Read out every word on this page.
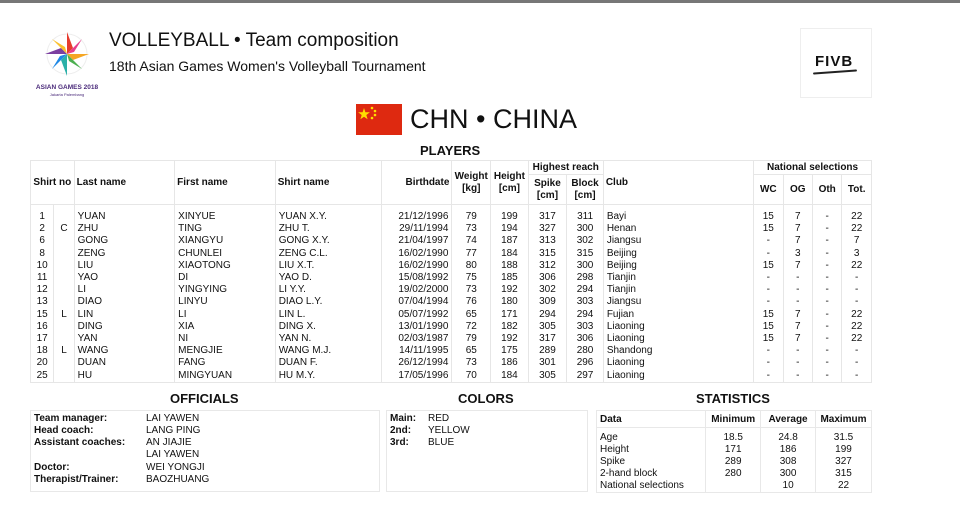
ASIAN GAMES 2018
Jakarta Palembang
VOLLEYBALL • Team composition
18th Asian Games Women's Volleyball Tournament	FIVB
CHN • CHINA
PLAYERS
Shirt no		Last name	First name	Shirt name	Birthdate	Weight [kg]	Height [cm]	Highest reach		Club	National selections			
								Spike [cm]	Block [cm]		WC	OG	Oth	Tot.
1		YUAN	XINYUE	YUAN X.Y.	21/12/1996	79	199	317	311	Bayi	15	7	-	22
2	C	ZHU	TING	ZHU T.	29/11/1994	73	194	327	300	Henan	15	7	-	22
6		GONG	XIANGYU	GONG X.Y.	21/04/1997	74	187	313	302	Jiangsu	-	7	-	7
8		ZENG	CHUNLEI	ZENG C.L.	16/02/1990	77	184	315	315	Beijing	-	3	-	3
10		LIU	XIAOTONG	LIU X.T.	16/02/1990	80	188	312	300	Beijing	15	7	-	22
11		YAO	DI	YAO D.	15/08/1992	75	185	306	298	Tianjin	-	-	-	-
12		LI	YINGYING	LI Y.Y.	19/02/2000	73	192	302	294	Tianjin	-	-	-	-
13		DIAO	LINYU	DIAO L.Y.	07/04/1994	76	180	309	303	Jiangsu	-	-	-	-
15	L	LIN	LI	LIN L.	05/07/1992	65	171	294	294	Fujian	15	7	-	22
16		DING	XIA	DING X.	13/01/1990	72	182	305	303	Liaoning	15	7	-	22
17		YAN	NI	YAN N.	02/03/1987	79	192	317	306	Liaoning	15	7	-	22
18	L	WANG	MENGJIE	WANG M.J.	14/11/1995	65	175	289	280	Shandong	-	-	-	-
20		DUAN	FANG	DUAN F.	26/12/1994	73	186	301	296	Liaoning	-	-	-	-
25		HU	MINGYUAN	HU M.Y.	17/05/1996	70	184	305	297	Liaoning	-	-	-	-
OFFICIALS
Team manager:	LAI YAWEN
Head coach:	LANG PING
Assistant coaches: AN JIAJIE
LAI YAWEN
Doctor:	WEI YONGJI
Therapist/Trainer:	BAOZHUANG
COLORS
Main: RED
2nd: YELLOW
3rd: BLUE
STATISTICS
Data	Minimum	Average	Maximum
Age	18.5	24.8	31.5
Height	171	186	199
Spike	289	308	327
2-hand block	280	300	315
National selections		10	22
